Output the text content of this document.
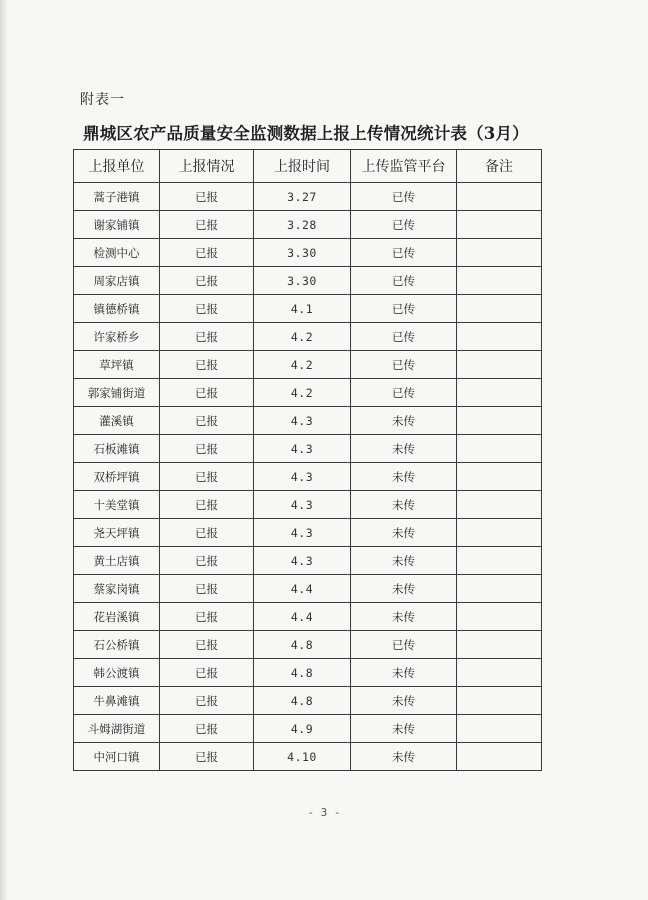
附表一
鼎城区农产品质量安全监测数据上报上传情况统计表（3月）
上报单位	上报情况	上报时间	上传监管平台	备注
蒿子港镇	已报	3.27	已传	
谢家铺镇	已报	3.28	已传	
检测中心	已报	3.30	已传	
周家店镇	已报	3.30	已传	
镇德桥镇	已报	4.1	已传	
许家桥乡	已报	4.2	已传	
草坪镇	已报	4.2	已传	
郭家铺街道	已报	4.2	已传	
灌溪镇	已报	4.3	未传	
石板滩镇	已报	4.3	未传	
双桥坪镇	已报	4.3	未传	
十美堂镇	已报	4.3	未传	
尧天坪镇	已报	4.3	未传	
黄土店镇	已报	4.3	未传	
蔡家岗镇	已报	4.4	未传	
花岩溪镇	已报	4.4	未传	
石公桥镇	已报	4.8	已传	
韩公渡镇	已报	4.8	未传	
牛鼻滩镇	已报	4.8	未传	
斗姆湖街道	已报	4.9	未传	
中河口镇	已报	4.10	未传	
- 3 -
